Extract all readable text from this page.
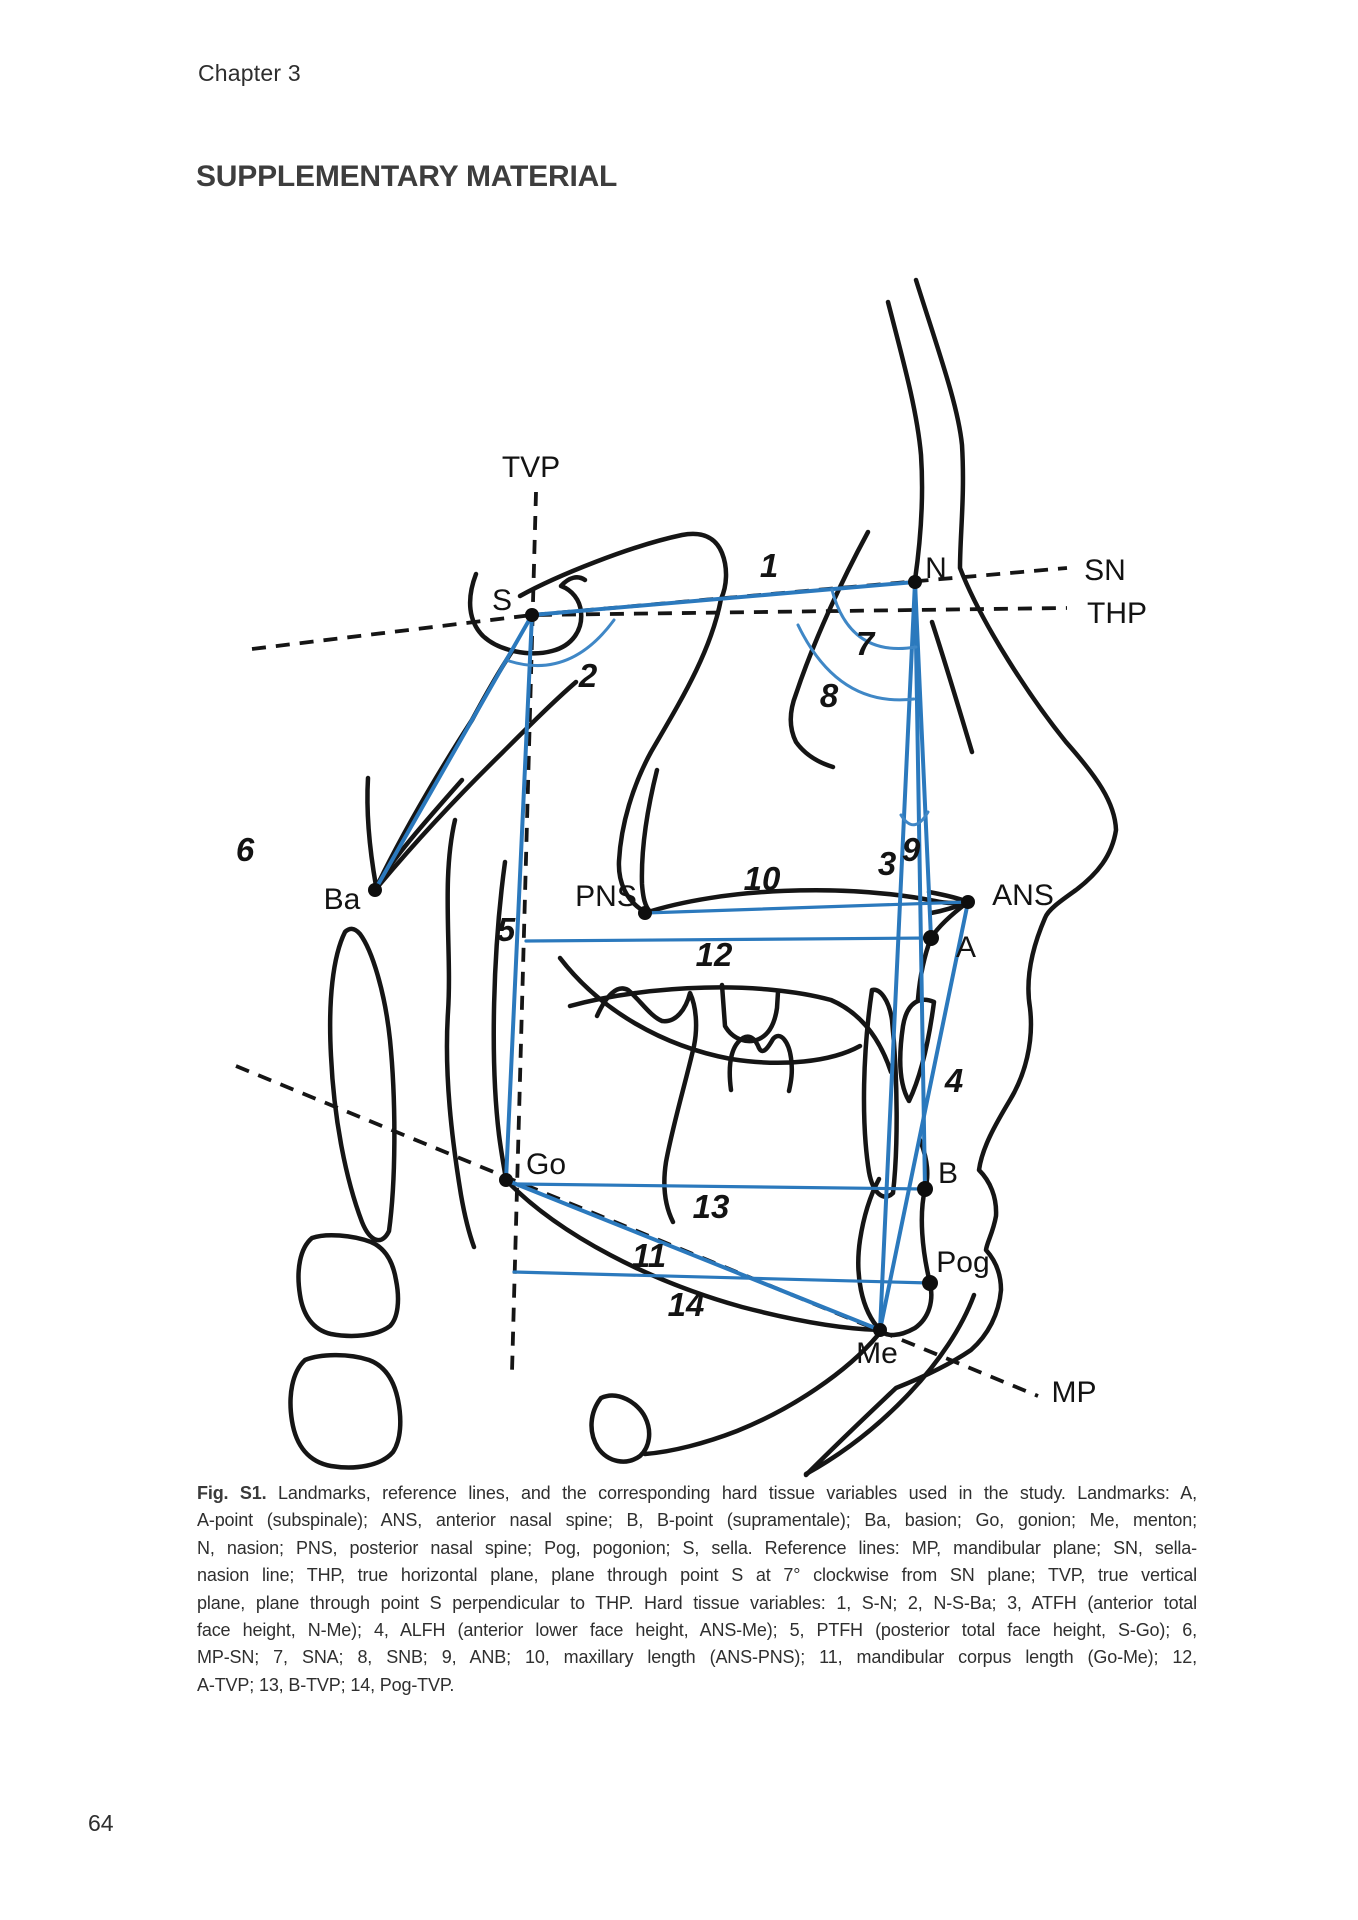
Chapter 3
SUPPLEMENTARY MATERIAL
S
N
Ba	PNS	ANS
A
Go	B
Pog
Me
TVP
SN
THP
MP
1
2
3
4
5
6
7
8
9
10
11
12
13
14
Fig. S1. Landmarks, reference lines, and the corresponding hard tissue variables used in the study. Landmarks: A,
A-point (subspinale); ANS, anterior nasal spine; B, B-point (supramentale); Ba, basion; Go, gonion; Me, menton;
N, nasion; PNS, posterior nasal spine; Pog, pogonion; S, sella. Reference lines: MP, mandibular plane; SN, sella-
nasion line; THP, true horizontal plane, plane through point S at 7° clockwise from SN plane; TVP, true vertical
plane, plane through point S perpendicular to THP. Hard tissue variables: 1, S-N; 2, N-S-Ba; 3, ATFH (anterior total
face height, N-Me); 4, ALFH (anterior lower face height, ANS-Me); 5, PTFH (posterior total face height, S-Go); 6,
MP-SN; 7, SNA; 8, SNB; 9, ANB; 10, maxillary length (ANS-PNS); 11, mandibular corpus length (Go-Me); 12,
A-TVP; 13, B-TVP; 14, Pog-TVP.
64
